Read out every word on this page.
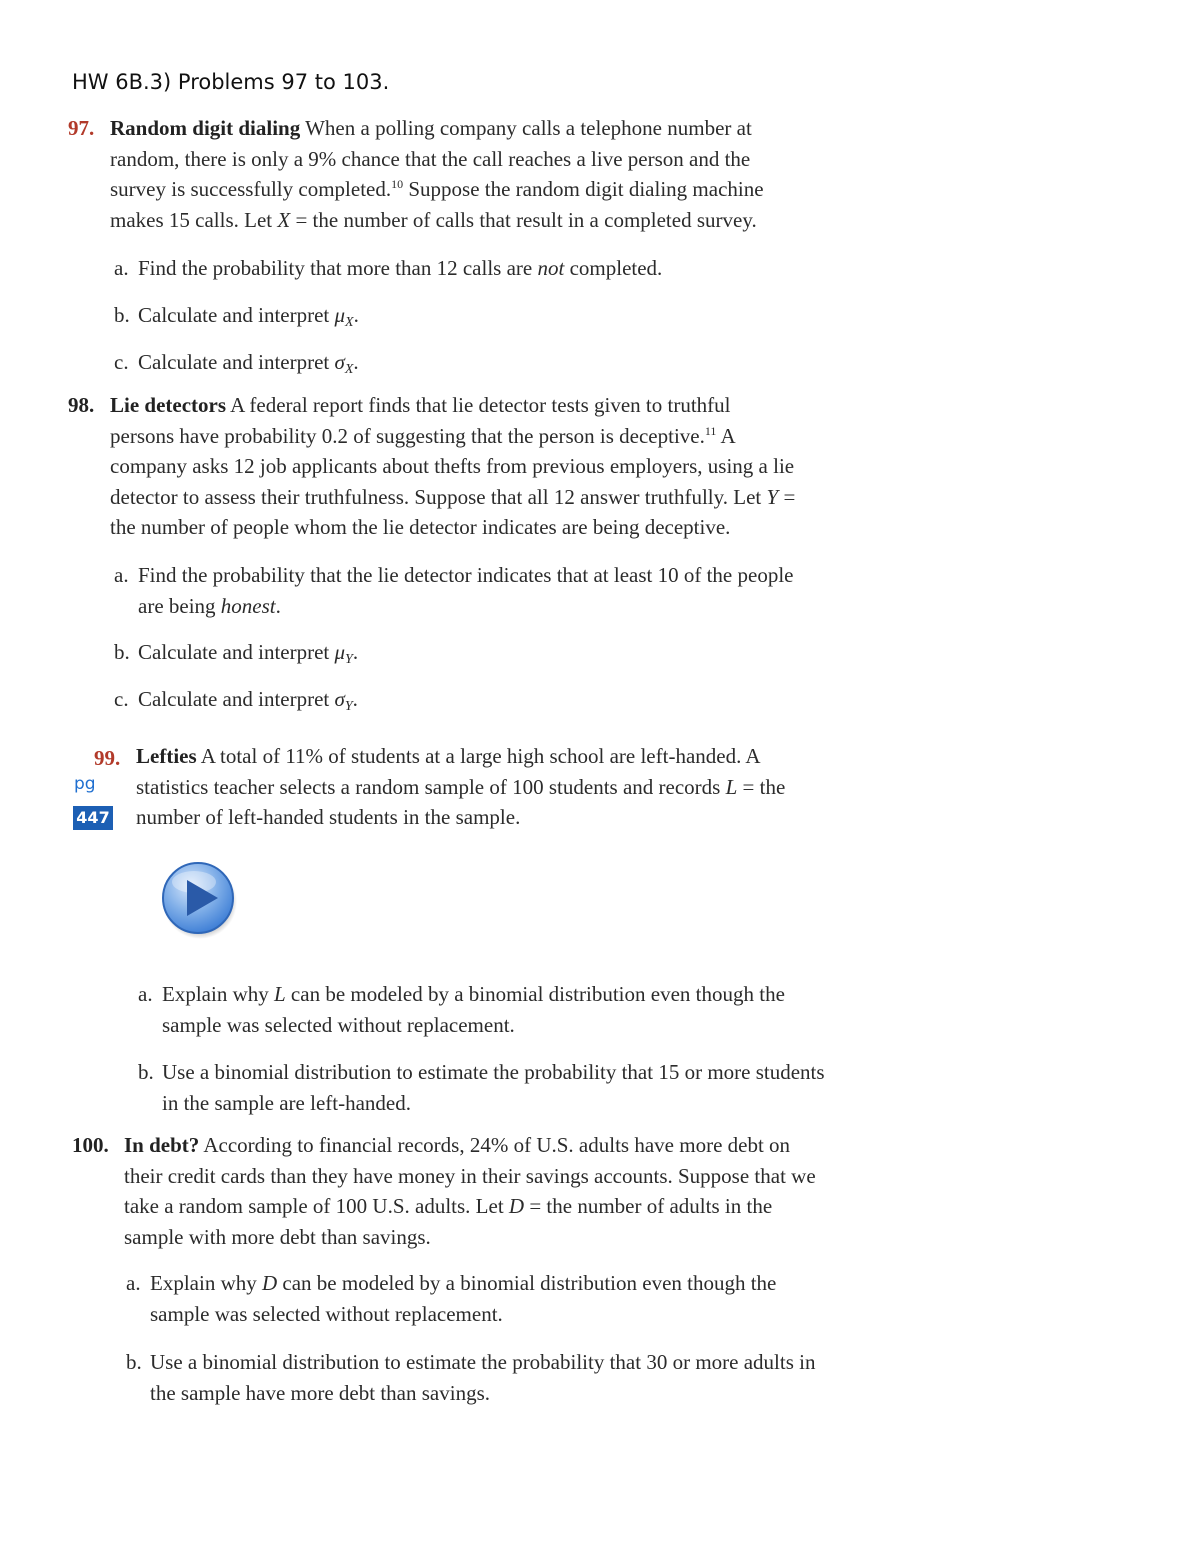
HW 6B.3) Problems 97 to 103.
97. Random digit dialing When a polling company calls a telephone number at
random, there is only a 9% chance that the call reaches a live person and the
survey is successfully completed.$^{10}$ Suppose the random digit dialing machine
makes 15 calls. Let X = the number of calls that result in a completed survey.
a. Find the probability that more than 12 calls are not completed.
b. Calculate and interpret $\mu_X$.
c. Calculate and interpret $\sigma_X$.
98. Lie detectors A federal report finds that lie detector tests given to truthful
persons have probability 0.2 of suggesting that the person is deceptive.$^{11}$ A
company asks 12 job applicants about thefts from previous employers, using a lie
detector to assess their truthfulness. Suppose that all 12 answer truthfully. Let Y =
the number of people whom the lie detector indicates are being deceptive.
a. Find the probability that the lie detector indicates that at least 10 of the people
are being honest.
b. Calculate and interpret $\mu_Y$.
c. Calculate and interpret $\sigma_Y$.
99. Lefties A total of 11% of students at a large high school are left-handed. A
statistics teacher selects a random sample of 100 students and records L = the
number of left-handed students in the sample.
pg
447
a. Explain why L can be modeled by a binomial distribution even though the
sample was selected without replacement.
b. Use a binomial distribution to estimate the probability that 15 or more students
in the sample are left-handed.
100. In debt? According to financial records, 24% of U.S. adults have more debt on
their credit cards than they have money in their savings accounts. Suppose that we
take a random sample of 100 U.S. adults. Let D = the number of adults in the
sample with more debt than savings.
a. Explain why D can be modeled by a binomial distribution even though the
sample was selected without replacement.
b. Use a binomial distribution to estimate the probability that 30 or more adults in
the sample have more debt than savings.
